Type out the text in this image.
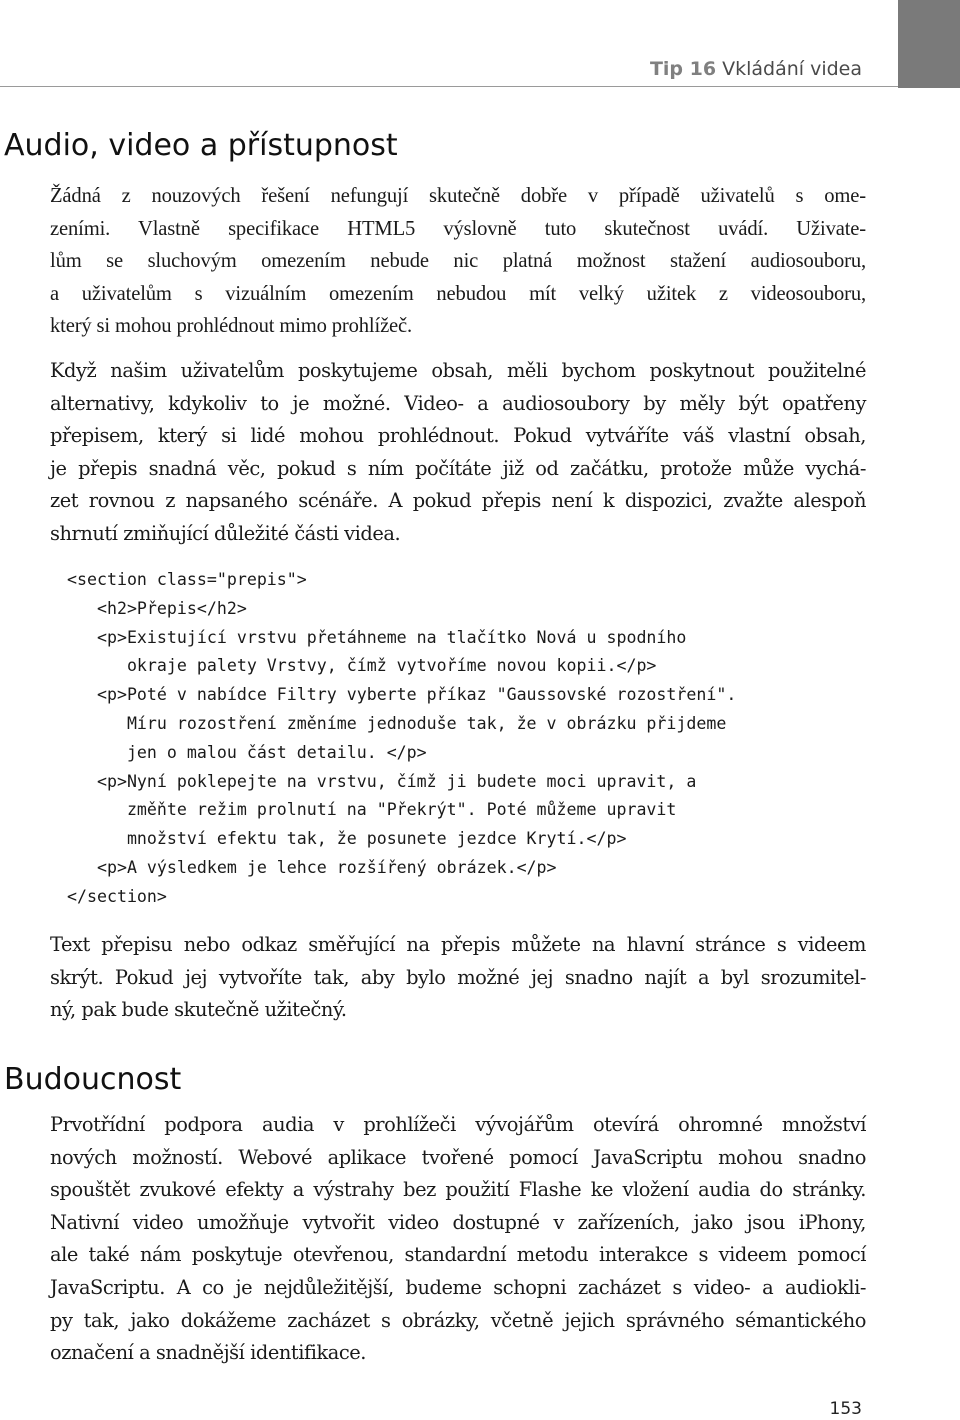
Tip 16 Vkládání videa
Audio, video a přístupnost
Žádná z nouzových řešení nefungují skutečně dobře v případě uživatelů s ome-
zeními. Vlastně specifikace HTML5 výslovně tuto skutečnost uvádí. Uživate-
lům se sluchovým omezením nebude nic platná možnost stažení audiosouboru,
a uživatelům s vizuálním omezením nebudou mít velký užitek z videosouboru,
který si mohou prohlédnout mimo prohlížeč.
Když našim uživatelům poskytujeme obsah, měli bychom poskytnout použitelné
alternativy, kdykoliv to je možné. Video- a audiosoubory by měly být opatřeny
přepisem, který si lidé mohou prohlédnout. Pokud vytváříte váš vlastní obsah,
je přepis snadná věc, pokud s ním počítáte již od začátku, protože může vychá-
zet rovnou z napsaného scénáře. A pokud přepis není k dispozici, zvažte alespoň
shrnutí zmiňující důležité části videa.
<section class="prepis">
<h2>Přepis</h2>
<p>Existující vrstvu přetáhneme na tlačítko Nová u spodního
okraje palety Vrstvy, čímž vytvoříme novou kopii.</p>
<p>Poté v nabídce Filtry vyberte příkaz "Gaussovské rozostření".
Míru rozostření změníme jednoduše tak, že v obrázku přijdeme
jen o malou část detailu. </p>
<p>Nyní poklepejte na vrstvu, čímž ji budete moci upravit, a
změňte režim prolnutí na "Překrýt". Poté můžeme upravit
množství efektu tak, že posunete jezdce Krytí.</p>
<p>A výsledkem je lehce rozšířený obrázek.</p>
</section>
Text přepisu nebo odkaz směřující na přepis můžete na hlavní stránce s videem
skrýt. Pokud jej vytvoříte tak, aby bylo možné jej snadno najít a byl srozumitel-
ný, pak bude skutečně užitečný.
Budoucnost
Prvotřídní podpora audia v prohlížeči vývojářům otevírá ohromné množství
nových možností. Webové aplikace tvořené pomocí JavaScriptu mohou snadno
spouštět zvukové efekty a výstrahy bez použití Flashe ke vložení audia do stránky.
Nativní video umožňuje vytvořit video dostupné v zařízeních, jako jsou iPhony,
ale také nám poskytuje otevřenou, standardní metodu interakce s videem pomocí
JavaScriptu. A co je nejdůležitější, budeme schopni zacházet s video- a audiokli-
py tak, jako dokážeme zacházet s obrázky, včetně jejich správného sémantického
označení a snadnější identifikace.
153
